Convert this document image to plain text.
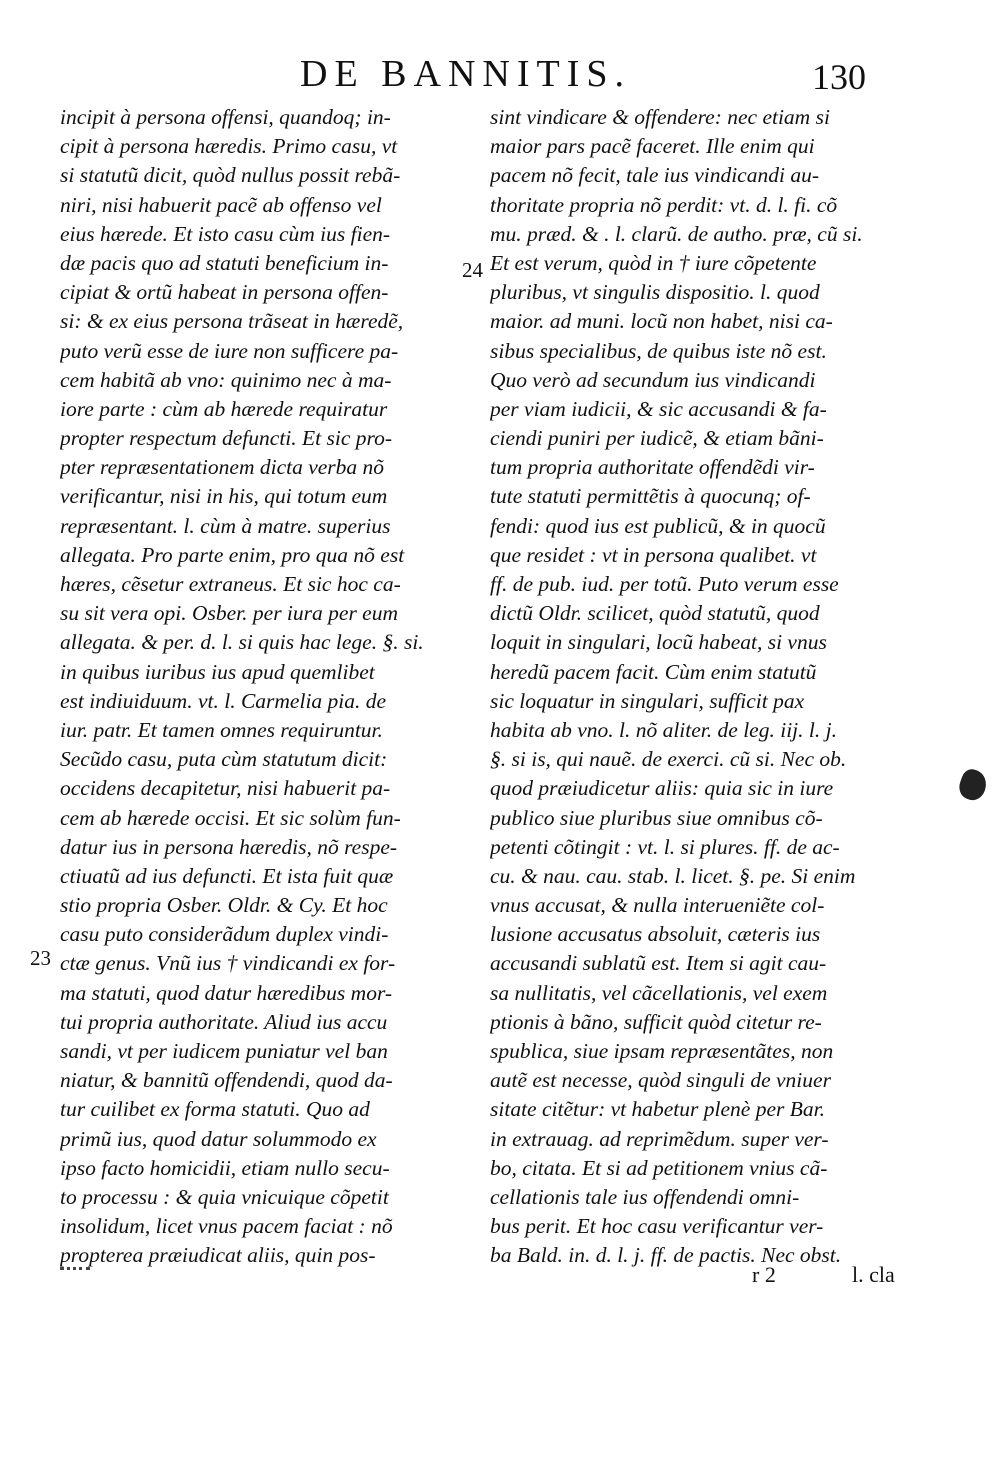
DE BANNITIS.	130
incipit à persona offensi, quandoq; in-
cipit à persona hæredis. Primo casu, vt
si statutũ dicit, quòd nullus possit rebã-
niri, nisi habuerit pacẽ ab offenso vel
eius hærede. Et isto casu cùm ius fien-
dæ pacis quo ad statuti beneficium in-
cipiat & ortũ habeat in persona offen-
si: & ex eius persona trãseat in hæredẽ,
puto verũ esse de iure non sufficere pa-
cem habitã ab vno: quinimo nec à ma-
iore parte : cùm ab hærede requiratur
propter respectum defuncti. Et sic pro-
pter repræsentationem dicta verba nõ
verificantur, nisi in his, qui totum eum
repræsentant. l. cùm à matre. superius
allegata. Pro parte enim, pro qua nõ est
hæres, cẽsetur extraneus. Et sic hoc ca-
su sit vera opi. Osber. per iura per eum
allegata. & per. d. l. si quis hac lege. §. si.
in quibus iuribus ius apud quemlibet
est indiuiduum. vt. l. Carmelia pia. de
iur. patr. Et tamen omnes requiruntur.
Secũdo casu, puta cùm statutum dicit:
occidens decapitetur, nisi habuerit pa-
cem ab hærede occisi. Et sic solùm fun-
datur ius in persona hæredis, nõ respe-
ctiuatũ ad ius defuncti. Et ista fuit quæ
stio propria Osber. Oldr. & Cy. Et hoc
casu puto considerãdum duplex vindi-
ctæ genus. Vnũ ius † vindicandi ex for-
ma statuti, quod datur hæredibus mor-
tui propria authoritate. Aliud ius accu
sandi, vt per iudicem puniatur vel ban
niatur, & bannitũ offendendi, quod da-
tur cuilibet ex forma statuti. Quo ad
primũ ius, quod datur solummodo ex
ipso facto homicidii, etiam nullo secu-
to processu : & quia vnicuique cõpetit
insolidum, licet vnus pacem faciat : nõ
propterea præiudicat aliis, quin pos-
sint vindicare & offendere: nec etiam si
maior pars pacẽ faceret. Ille enim qui
pacem nõ fecit, tale ius vindicandi au-
thoritate propria nõ perdit: vt. d. l. fi. cõ
mu. præd. & . l. clarũ. de autho. præ, cũ si.
Et est verum, quòd in † iure cõpetente
pluribus, vt singulis dispositio. l. quod
maior. ad muni. locũ non habet, nisi ca-
sibus specialibus, de quibus iste nõ est.
Quo verò ad secundum ius vindicandi
per viam iudicii, & sic accusandi & fa-
ciendi puniri per iudicẽ, & etiam bãni-
tum propria authoritate offendẽdi vir-
tute statuti permittẽtis à quocunq; of-
fendi: quod ius est publicũ, & in quocũ
que residet : vt in persona qualibet. vt
ff. de pub. iud. per totũ. Puto verum esse
dictũ Oldr. scilicet, quòd statutũ, quod
loquit in singulari, locũ habeat, si vnus
heredũ pacem facit. Cùm enim statutũ
sic loquatur in singulari, sufficit pax
habita ab vno. l. nõ aliter. de leg. iij. l. j.
§. si is, qui nauẽ. de exerci. cũ si. Nec ob.
quod præiudicetur aliis: quia sic in iure
publico siue pluribus siue omnibus cõ-
petenti cõtingit : vt. l. si plures. ff. de ac-
cu. & nau. cau. stab. l. licet. §. pe. Si enim
vnus accusat, & nulla interueniẽte col-
lusione accusatus absoluit, cæteris ius
accusandi sublatũ est. Item si agit cau-
sa nullitatis, vel cãcellationis, vel exem
ptionis à bãno, sufficit quòd citetur re-
spublica, siue ipsam repræsentãtes, non
autẽ est necesse, quòd singuli de vniuer
sitate citẽtur: vt habetur plenè per Bar.
in extrauag. ad reprimẽdum. super ver-
bo, citata. Et si ad petitionem vnius cã-
cellationis tale ius offendendi omni-
bus perit. Et hoc casu verificantur ver-
ba Bald. in. d. l. j. ff. de pactis. Nec obst.
24
23
r 2	l. cla
